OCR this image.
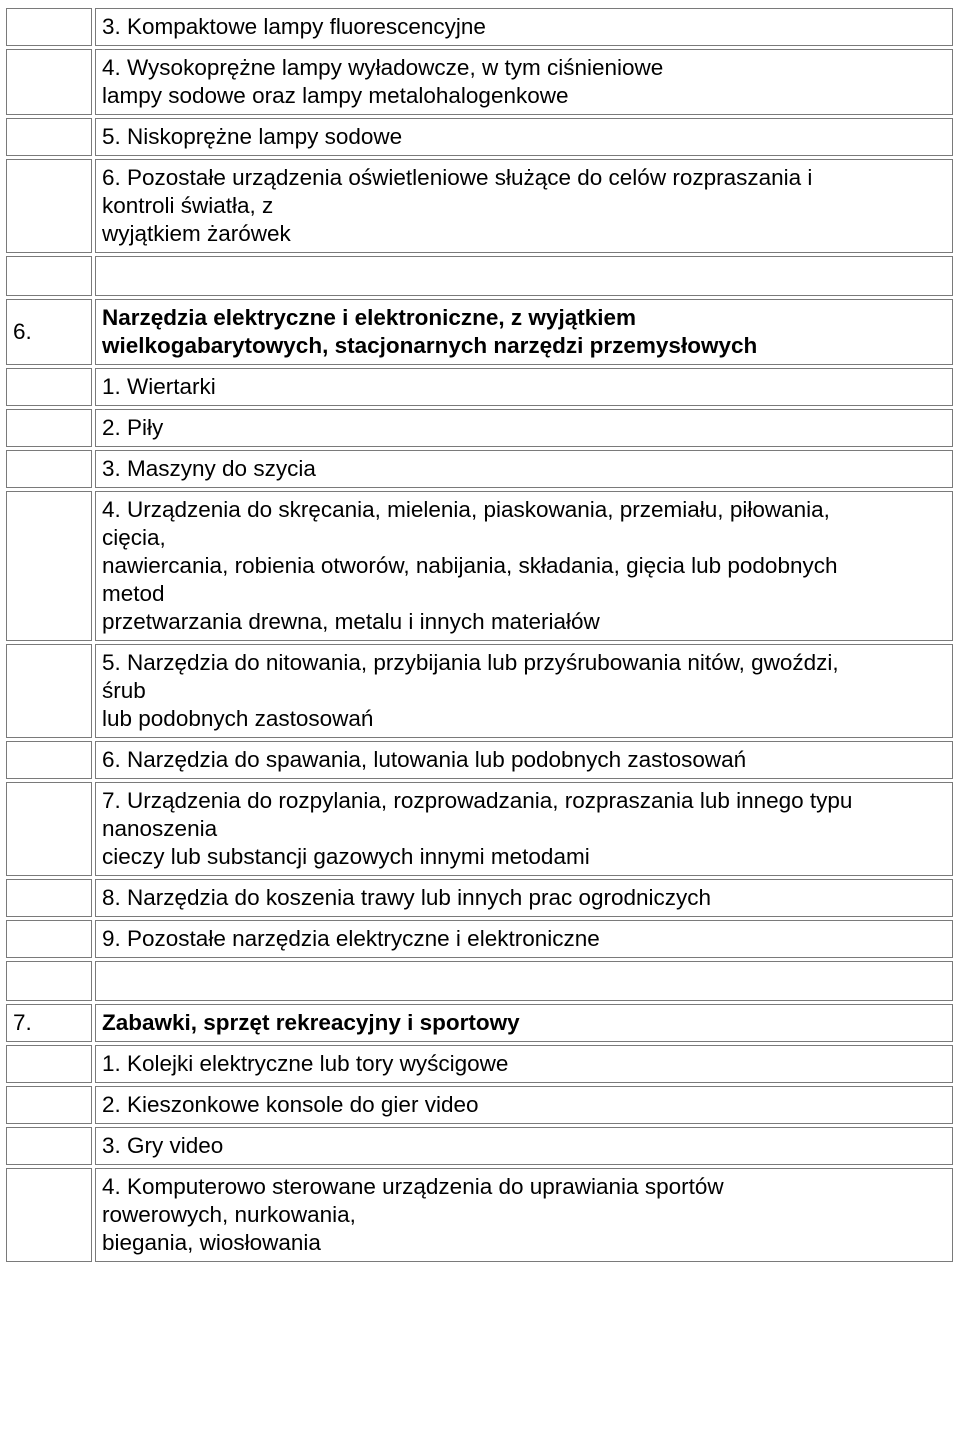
	3. Kompaktowe lampy fluorescencyjne

	4. Wysokoprężne lampy wyładowcze, w tym ciśnieniowe
lampy sodowe oraz lampy metalohalogenkowe

	5. Niskoprężne lampy sodowe

	6. Pozostałe urządzenia oświetleniowe służące do celów rozpraszania i
kontroli światła, z
wyjątkiem żarówek

6.	Narzędzia elektryczne i elektroniczne, z wyjątkiem
wielkogabarytowych, stacjonarnych narzędzi przemysłowych

	1. Wiertarki

	2. Piły

	3. Maszyny do szycia

	4. Urządzenia do skręcania, mielenia, piaskowania, przemiału, piłowania,
cięcia,
nawiercania, robienia otworów, nabijania, składania, gięcia lub podobnych
metod
przetwarzania drewna, metalu i innych materiałów

	5. Narzędzia do nitowania, przybijania lub przyśrubowania nitów, gwoździ,
śrub
lub podobnych zastosowań

	6. Narzędzia do spawania, lutowania lub podobnych zastosowań

	7. Urządzenia do rozpylania, rozprowadzania, rozpraszania lub innego typu
nanoszenia
cieczy lub substancji gazowych innymi metodami

	8. Narzędzia do koszenia trawy lub innych prac ogrodniczych

	9. Pozostałe narzędzia elektryczne i elektroniczne

7.	Zabawki, sprzęt rekreacyjny i sportowy

	1. Kolejki elektryczne lub tory wyścigowe

	2. Kieszonkowe konsole do gier video

	3. Gry video

	4. Komputerowo sterowane urządzenia do uprawiania sportów
rowerowych, nurkowania,
biegania, wiosłowania
